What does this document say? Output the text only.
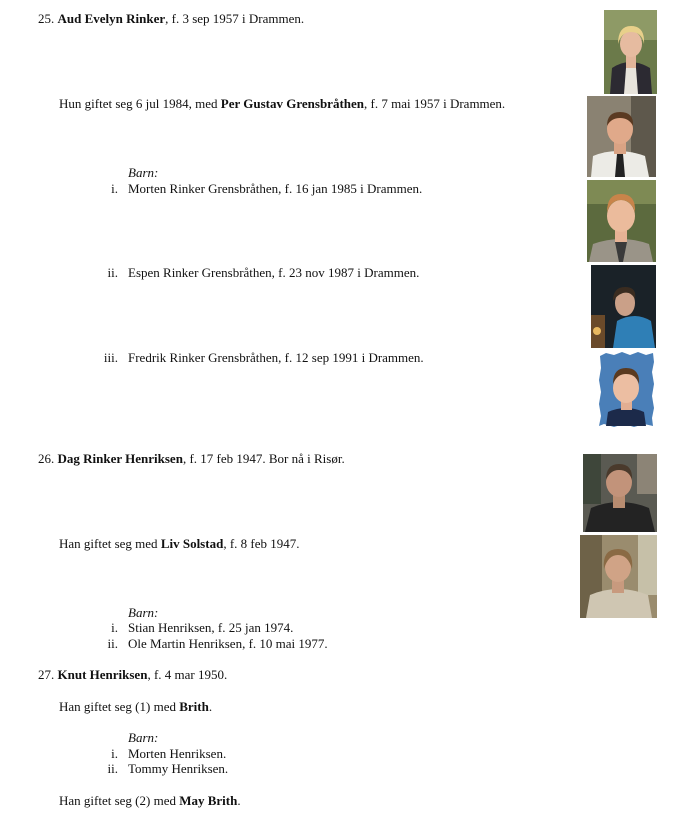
25. Aud Evelyn Rinker, f. 3 sep 1957 i Drammen.
Hun giftet seg 6 jul 1984, med Per Gustav Grensbråthen, f. 7 mai 1957 i Drammen.
Barn:
i. Morten Rinker Grensbråthen, f. 16 jan 1985 i Drammen.
ii. Espen Rinker Grensbråthen, f. 23 nov 1987 i Drammen.
iii. Fredrik Rinker Grensbråthen, f. 12 sep 1991 i Drammen.
26. Dag Rinker Henriksen, f. 17 feb 1947. Bor nå i Risør.
Han giftet seg med Liv Solstad, f. 8 feb 1947.
Barn:
i. Stian Henriksen, f. 25 jan 1974.
ii. Ole Martin Henriksen, f. 10 mai 1977.
27. Knut Henriksen, f. 4 mar 1950.
Han giftet seg (1) med Brith.
Barn:
i. Morten Henriksen.
ii. Tommy Henriksen.
Han giftet seg (2) med May Brith.
